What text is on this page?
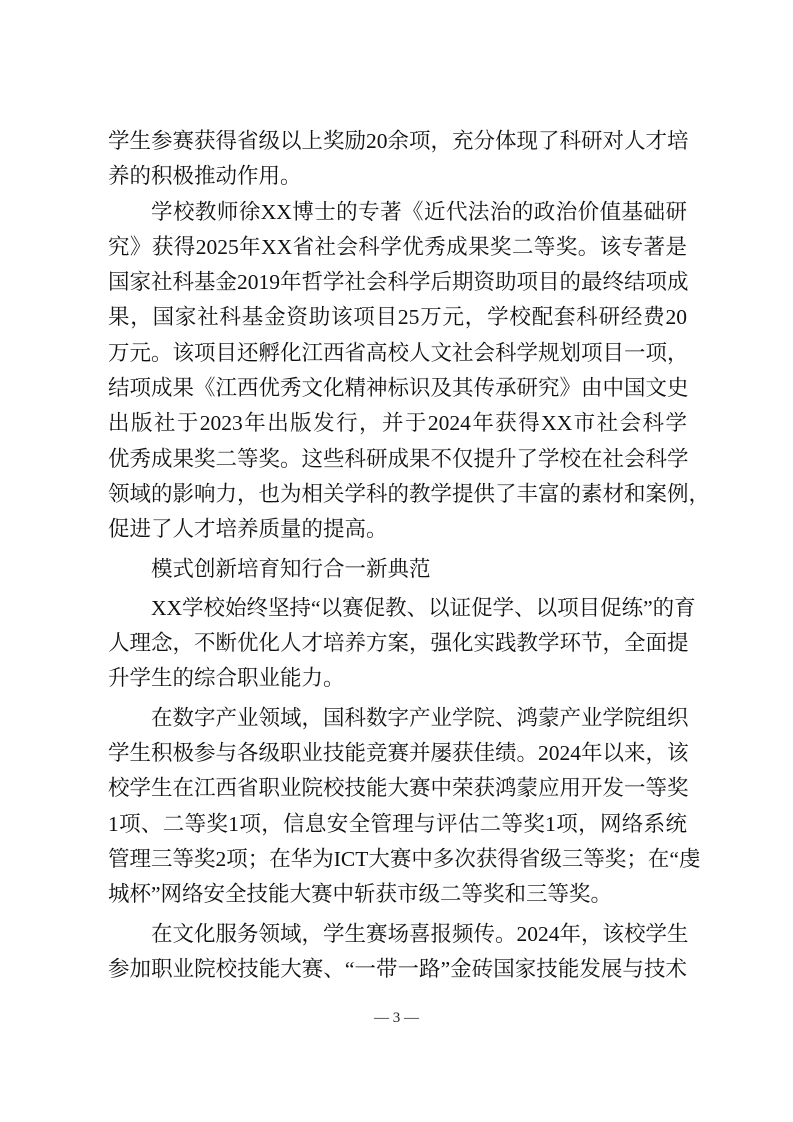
学生参赛获得省级以上奖励20余项，充分体现了科研对人才培
养的积极推动作用。
学校教师徐XX博士的专著《近代法治的政治价值基础研
究》获得2025年XX省社会科学优秀成果奖二等奖。该专著是
国家社科基金2019年哲学社会科学后期资助项目的最终结项成
果，国家社科基金资助该项目25万元，学校配套科研经费20
万元。该项目还孵化江西省高校人文社会科学规划项目一项，
结项成果《江西优秀文化精神标识及其传承研究》由中国文史
出版社于2023年出版发行，并于2024年获得XX市社会科学
优秀成果奖二等奖。这些科研成果不仅提升了学校在社会科学
领域的影响力，也为相关学科的教学提供了丰富的素材和案例，
促进了人才培养质量的提高。
模式创新培育知行合一新典范
XX学校始终坚持“以赛促教、以证促学、以项目促练”的育
人理念，不断优化人才培养方案，强化实践教学环节，全面提
升学生的综合职业能力。
在数字产业领域，国科数字产业学院、鸿蒙产业学院组织
学生积极参与各级职业技能竞赛并屡获佳绩。2024年以来，该
校学生在江西省职业院校技能大赛中荣获鸿蒙应用开发一等奖
1项、二等奖1项，信息安全管理与评估二等奖1项，网络系统
管理三等奖2项；在华为ICT大赛中多次获得省级三等奖；在“虔
城杯”网络安全技能大赛中斩获市级二等奖和三等奖。
在文化服务领域，学生赛场喜报频传。2024年，该校学生
参加职业院校技能大赛、“一带一路”金砖国家技能发展与技术
— 3 —
